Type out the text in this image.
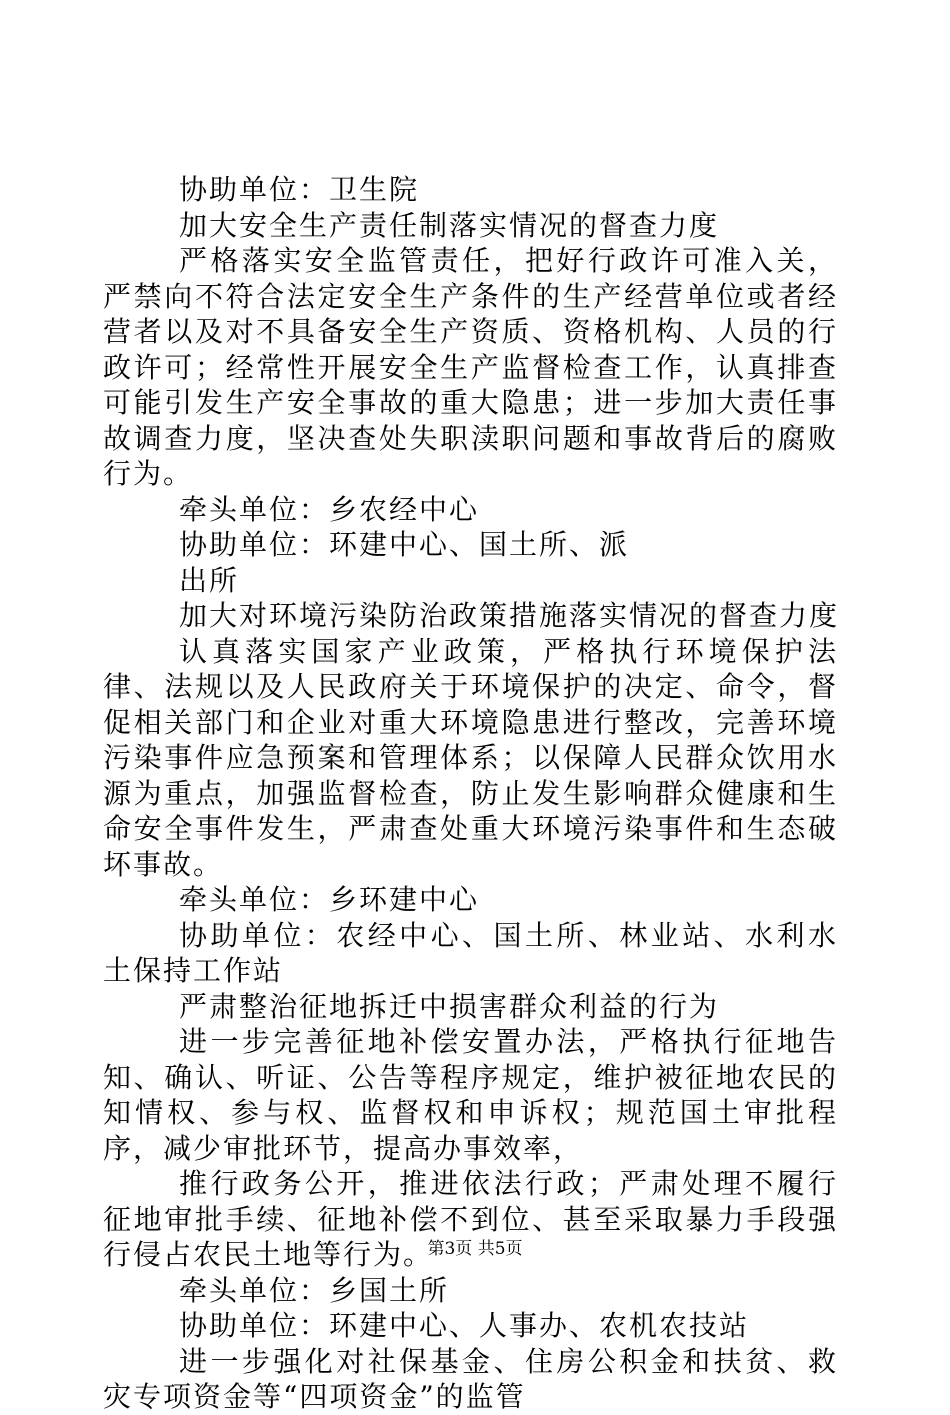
协助单位：卫生院
加大安全生产责任制落实情况的督查力度
严格落实安全监管责任，把好行政许可准入关，严禁向不符合法定安全生产条件的生产经营单位或者经营者以及对不具备安全生产资质、资格机构、人员的行政许可；经常性开展安全生产监督检查工作，认真排查可能引发生产安全事故的重大隐患；进一步加大责任事故调查力度，坚决查处失职渎职问题和事故背后的腐败行为。
牵头单位：乡农经中心
协助单位：环建中心、国土所、派
出所
加大对环境污染防治政策措施落实情况的督查力度
认真落实国家产业政策，严格执行环境保护法律、法规以及人民政府关于环境保护的决定、命令，督促相关部门和企业对重大环境隐患进行整改，完善环境污染事件应急预案和管理体系；以保障人民群众饮用水源为重点，加强监督检查，防止发生影响群众健康和生命安全事件发生，严肃查处重大环境污染事件和生态破坏事故。
牵头单位：乡环建中心
协助单位：农经中心、国土所、林业站、水利水土保持工作站
严肃整治征地拆迁中损害群众利益的行为
进一步完善征地补偿安置办法，严格执行征地告知、确认、听证、公告等程序规定，维护被征地农民的知情权、参与权、监督权和申诉权；规范国土审批程序，减少审批环节，提高办事效率，
推行政务公开，推进依法行政；严肃处理不履行征地审批手续、征地补偿不到位、甚至采取暴力手段强行侵占农民土地等行为。
牵头单位：乡国土所
协助单位：环建中心、人事办、农机农技站
进一步强化对社保基金、住房公积金和扶贫、救灾专项资金等“四项资金”的监管
第3页 共5页
